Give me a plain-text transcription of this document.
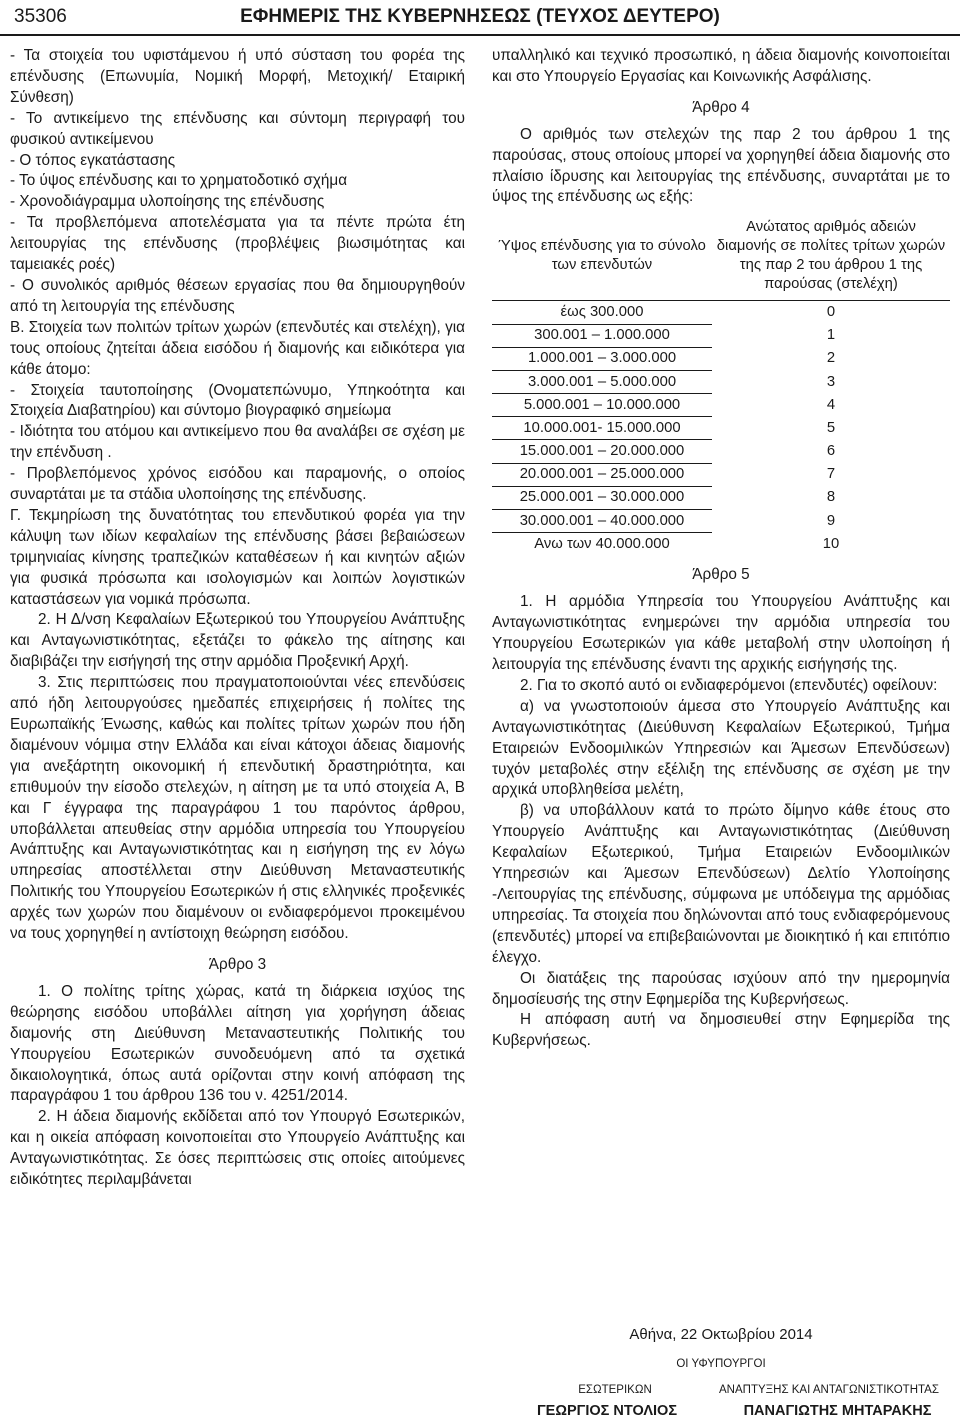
35306	ΕΦΗΜΕΡΙΣ ΤΗΣ ΚΥΒΕΡΝΗΣΕΩΣ (ΤΕΥΧΟΣ ΔΕΥΤΕΡΟ)

- Τα στοιχεία του υφιστάμενου ή υπό σύσταση του φορέα της επένδυσης (Επωνυμία, Νομική Μορφή, Μετοχική/ Εταιρική Σύνθεση)

- Το αντικείμενο της επένδυσης και σύντομη περιγραφή του φυσικού αντικείμενου

- Ο τόπος εγκατάστασης

- Το ύψος επένδυσης και το χρηματοδοτικό σχήμα

- Χρονοδιάγραμμα υλοποίησης της επένδυσης

- Τα προβλεπόμενα αποτελέσματα για τα πέντε πρώτα έτη λειτουργίας της επένδυσης (προβλέψεις βιωσιμότητας και ταμειακές ροές)

- Ο συνολικός αριθμός θέσεων εργασίας που θα δημιουργηθούν από τη λειτουργία της επένδυσης

Β. Στοιχεία των πολιτών τρίτων χωρών (επενδυτές και στελέχη), για τους οποίους ζητείται άδεια εισόδου ή διαμονής και ειδικότερα για κάθε άτομο:

- Στοιχεία ταυτοποίησης (Ονοματεπώνυμο, Υπηκοότητα και Στοιχεία Διαβατηρίου) και σύντομο βιογραφικό σημείωμα

- Ιδιότητα του ατόμου και αντικείμενο που θα αναλάβει σε σχέση με την επένδυση .

- Προβλεπόμενος χρόνος εισόδου και παραμονής, ο οποίος συναρτάται με τα στάδια υλοποίησης της επένδυσης.

Γ. Τεκμηρίωση της δυνατότητας του επενδυτικού φορέα για την κάλυψη των ιδίων κεφαλαίων της επένδυσης βάσει βεβαιώσεων τριμηνιαίας κίνησης τραπεζικών καταθέσεων ή και κινητών αξιών για φυσικά πρόσωπα και ισολογισμών και λοιπών λογιστικών καταστάσεων για νομικά πρόσωπα.

2. Η Δ/νση Κεφαλαίων Εξωτερικού του Υπουργείου Ανάπτυξης και Ανταγωνιστικότητας, εξετάζει το φάκελο της αίτησης και διαβιβάζει την εισήγησή της στην αρμόδια Προξενική Αρχή.

3. Στις περιπτώσεις που πραγματοποιούνται νέες επενδύσεις από ήδη λειτουργούσες ημεδαπές επιχειρήσεις ή πολίτες της Ευρωπαϊκής Ένωσης, καθώς και πολίτες τρίτων χωρών που ήδη διαμένουν νόμιμα στην Ελλάδα και είναι κάτοχοι άδειας διαμονής για ανεξάρτητη οικονομική ή επενδυτική δραστηριότητα, και επιθυμούν την είσοδο στελεχών, η αίτηση με τα υπό στοιχεία Α, Β και Γ έγγραφα της παραγράφου 1 του παρόντος άρθρου, υποβάλλεται απευθείας στην αρμόδια υπηρεσία του Υπουργείου Ανάπτυξης και Ανταγωνιστικότητας και η εισήγηση της εν λόγω υπηρεσίας αποστέλλεται στην Διεύθυνση Μεταναστευτικής Πολιτικής του Υπουργείου Εσωτερικών ή στις ελληνικές προξενικές αρχές των χωρών που διαμένουν οι ενδιαφερόμενοι προκειμένου να τους χορηγηθεί η αντίστοιχη θεώρηση εισόδου.

Άρθρο 3

1. Ο πολίτης τρίτης χώρας, κατά τη διάρκεια ισχύος της θεώρησης εισόδου υποβάλλει αίτηση για χορήγηση άδειας διαμονής στη Διεύθυνση Μεταναστευτικής Πολιτικής του Υπουργείου Εσωτερικών συνοδευόμενη από τα σχετικά δικαιολογητικά, όπως αυτά ορίζονται στην κοινή απόφαση της παραγράφου 1 του άρθρου 136 του ν. 4251/2014.

2. Η άδεια διαμονής εκδίδεται από τον Υπουργό Εσωτερικών, και η οικεία απόφαση κοινοποιείται στο Υπουργείο Ανάπτυξης και Ανταγωνιστικότητας. Σε όσες περιπτώσεις στις οποίες αιτούμενες ειδικότητες περιλαμβάνεται

υπαλληλικό και τεχνικό προσωπικό, η άδεια διαμονής κοινοποιείται και στο Υπουργείο Εργασίας και Κοινωνικής Ασφάλισης.

Άρθρο 4

Ο αριθμός των στελεχών της παρ 2 του άρθρου 1 της παρούσας, στους οποίους μπορεί να χορηγηθεί άδεια διαμονής στο πλαίσιο ίδρυσης και λειτουργίας της επένδυσης, συναρτάται με το ύψος της επένδυσης ως εξής:

Ύψος επένδυσης για το σύνολο των επενδυτών	Ανώτατος αριθμός αδειών διαμονής σε πολίτες τρίτων χωρών της παρ 2 του άρθρου 1 της παρούσας (στελέχη)
έως 300.000	0
300.001 – 1.000.000	1
1.000.001 – 3.000.000	2
3.000.001 – 5.000.000	3
5.000.001 – 10.000.000	4
10.000.001- 15.000.000	5
15.000.001 – 20.000.000	6
20.000.001 – 25.000.000	7
25.000.001 – 30.000.000	8
30.000.001 – 40.000.000	9
Ανω των 40.000.000	10

Άρθρο 5

1. Η αρμόδια Υπηρεσία του Υπουργείου Ανάπτυξης και Ανταγωνιστικότητας ενημερώνει την αρμόδια υπηρεσία του Υπουργείου Εσωτερικών για κάθε μεταβολή στην υλοποίηση ή λειτουργία της επένδυσης έναντι της αρχικής εισήγησής της.

2. Για το σκοπό αυτό οι ενδιαφερόμενοι (επενδυτές) οφείλουν:

α) να γνωστοποιούν άμεσα στο Υπουργείο Ανάπτυξης και Ανταγωνιστικότητας (Διεύθυνση Κεφαλαίων Εξωτερικού, Τμήμα Εταιρειών Ενδοομιλικών Υπηρεσιών και Άμεσων Επενδύσεων) τυχόν μεταβολές στην εξέλιξη της επένδυσης σε σχέση με την αρχικά υποβληθείσα μελέτη,

β) να υποβάλλουν κατά το πρώτο δίμηνο κάθε έτους στο Υπουργείο Ανάπτυξης και Ανταγωνιστικότητας (Διεύθυνση Κεφαλαίων Εξωτερικού, Τμήμα Εταιρειών Ενδοομιλικών Υπηρεσιών και Άμεσων Επενδύσεων) Δελτίο Υλοποίησης -Λειτουργίας της επένδυσης, σύμφωνα με υπόδειγμα της αρμόδιας υπηρεσίας. Τα στοιχεία που δηλώνονται από τους ενδιαφερόμενους (επενδυτές) μπορεί να επιβεβαιώνονται με διοικητικό ή και επιτόπιο έλεγχο.

Οι διατάξεις της παρούσας ισχύουν από την ημερομηνία δημοσίευσής της στην Εφημερίδα της Κυβερνήσεως.

Η απόφαση αυτή να δημοσιευθεί στην Εφημερίδα της Κυβερνήσεως.

Αθήνα, 22 Οκτωβρίου 2014
ΟΙ ΥΦΥΠΟΥΡΓΟΙ
ΕΣΩΤΕΡΙΚΩΝ	ΑΝΑΠΤΥΞΗΣ ΚΑΙ ΑΝΤΑΓΩΝΙΣΤΙΚΟΤΗΤΑΣ
ΓΕΩΡΓΙΟΣ ΝΤΟΛΙΟΣ	ΠΑΝΑΓΙΩΤΗΣ ΜΗΤΑΡΑΚΗΣ
